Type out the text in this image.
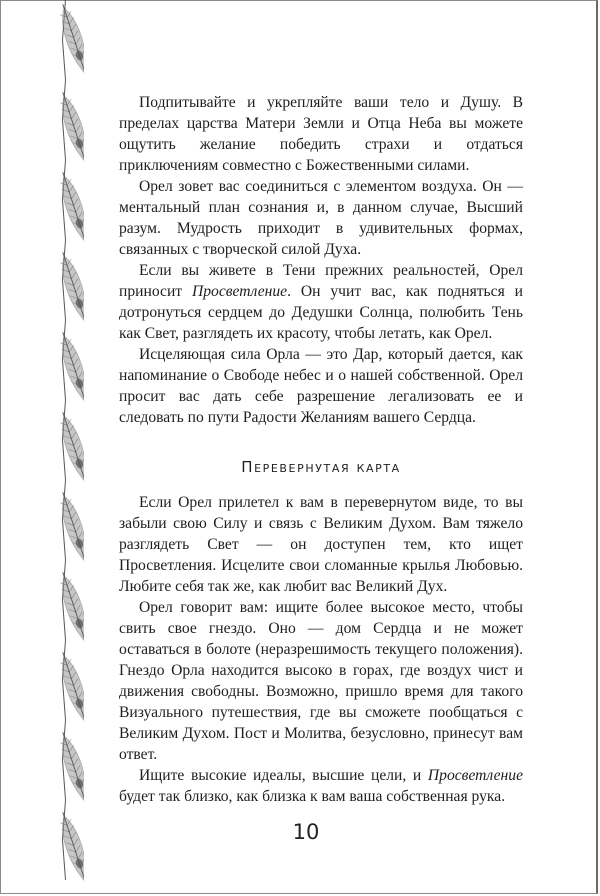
Подпитывайте и укрепляйте ваши тело и Душу. В пределах царства Матери Земли и Отца Неба вы можете ощутить желание победить страхи и отдаться приключениям совместно с Божественными силами.

Орел зовет вас соединиться с элементом воздуха. Он — ментальный план сознания и, в данном случае, Высший разум. Мудрость приходит в удивительных формах, связанных с творческой силой Духа.

Если вы живете в Тени прежних реальностей, Орел приносит Просветление. Он учит вас, как подняться и дотронуться сердцем до Дедушки Солнца, полюбить Тень как Свет, разглядеть их красоту, чтобы летать, как Орел.

Исцеляющая сила Орла — это Дар, который дается, как напоминание о Свободе небес и о нашей собственной. Орел просит вас дать себе разрешение легализовать ее и следовать по пути Радости Желаниям вашего Сердца.

Перевернутая карта

Если Орел прилетел к вам в перевернутом виде, то вы забыли свою Силу и связь с Великим Духом. Вам тяжело разглядеть Свет — он доступен тем, кто ищет Просветления. Исцелите свои сломанные крылья Любовью. Любите себя так же, как любит вас Великий Дух.

Орел говорит вам: ищите более высокое место, чтобы свить свое гнездо. Оно — дом Сердца и не может оставаться в болоте (неразрешимость текущего положения). Гнездо Орла находится высоко в горах, где воздух чист и движения свободны. Возможно, пришло время для такого Визуального путешествия, где вы сможете пообщаться с Великим Духом. Пост и Молитва, безусловно, принесут вам ответ.

Ищите высокие идеалы, высшие цели, и Просветление будет так близко, как близка к вам ваша собственная рука.

10
